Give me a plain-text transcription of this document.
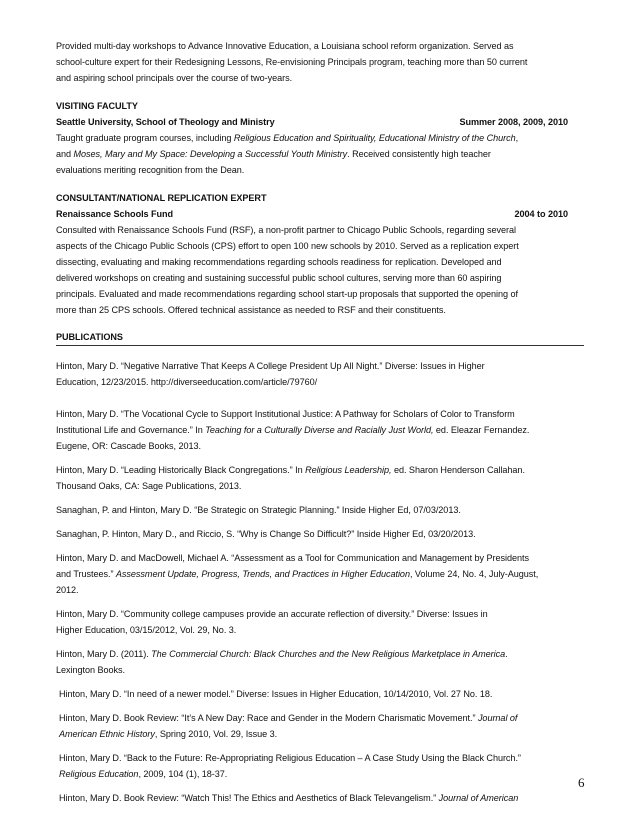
Provided multi-day workshops to Advance Innovative Education, a Louisiana school reform organization. Served as

school-culture expert for their Redesigning Lessons, Re-envisioning Principals program, teaching more than 50 current

and aspiring school principals over the course of two-years.

VISITING FACULTY

Seattle University, School of Theology and Ministry	Summer 2008, 2009, 2010

Taught graduate program courses, including Religious Education and Spirituality, Educational Ministry of the Church,

and Moses, Mary and My Space: Developing a Successful Youth Ministry. Received consistently high teacher

evaluations meriting recognition from the Dean.

CONSULTANT/NATIONAL REPLICATION EXPERT

Renaissance Schools Fund	2004 to 2010

Consulted with Renaissance Schools Fund (RSF), a non-profit partner to Chicago Public Schools, regarding several

aspects of the Chicago Public Schools (CPS) effort to open 100 new schools by 2010. Served as a replication expert

dissecting, evaluating and making recommendations regarding schools readiness for replication. Developed and

delivered workshops on creating and sustaining successful public school cultures, serving more than 60 aspiring

principals. Evaluated and made recommendations regarding school start-up proposals that supported the opening of

more than 25 CPS schools. Offered technical assistance as needed to RSF and their constituents.

PUBLICATIONS

Hinton, Mary D. “Negative Narrative That Keeps A College President Up All Night.” Diverse: Issues in Higher

Education, 12/23/2015. http://diverseeducation.com/article/79760/

Hinton, Mary D. “The Vocational Cycle to Support Institutional Justice: A Pathway for Scholars of Color to Transform

Institutional Life and Governance.” In Teaching for a Culturally Diverse and Racially Just World, ed. Eleazar Fernandez.

Eugene, OR: Cascade Books, 2013.

Hinton, Mary D. “Leading Historically Black Congregations.” In Religious Leadership, ed. Sharon Henderson Callahan.

Thousand Oaks, CA: Sage Publications, 2013.

Sanaghan, P. and Hinton, Mary D. “Be Strategic on Strategic Planning.” Inside Higher Ed, 07/03/2013.

Sanaghan, P. Hinton, Mary D., and Riccio, S. “Why is Change So Difficult?” Inside Higher Ed, 03/20/2013.

Hinton, Mary D. and MacDowell, Michael A. “Assessment as a Tool for Communication and Management by Presidents

and Trustees.” Assessment Update, Progress, Trends, and Practices in Higher Education, Volume 24, No. 4, July-August,

2012.

Hinton, Mary D. “Community college campuses provide an accurate reflection of diversity.” Diverse: Issues in

Higher Education, 03/15/2012, Vol. 29, No. 3.

Hinton, Mary D. (2011). The Commercial Church: Black Churches and the New Religious Marketplace in America.

Lexington Books.

Hinton, Mary D. “In need of a newer model.” Diverse: Issues in Higher Education, 10/14/2010, Vol. 27 No. 18.

Hinton, Mary D. Book Review: “It’s A New Day: Race and Gender in the Modern Charismatic Movement.” Journal of

American Ethnic History, Spring 2010, Vol. 29, Issue 3.

Hinton, Mary D. “Back to the Future: Re-Appropriating Religious Education – A Case Study Using the Black Church.”

Religious Education, 2009, 104 (1), 18-37.

Hinton, Mary D. Book Review: “Watch This! The Ethics and Aesthetics of Black Televangelism.” Journal of American

6
